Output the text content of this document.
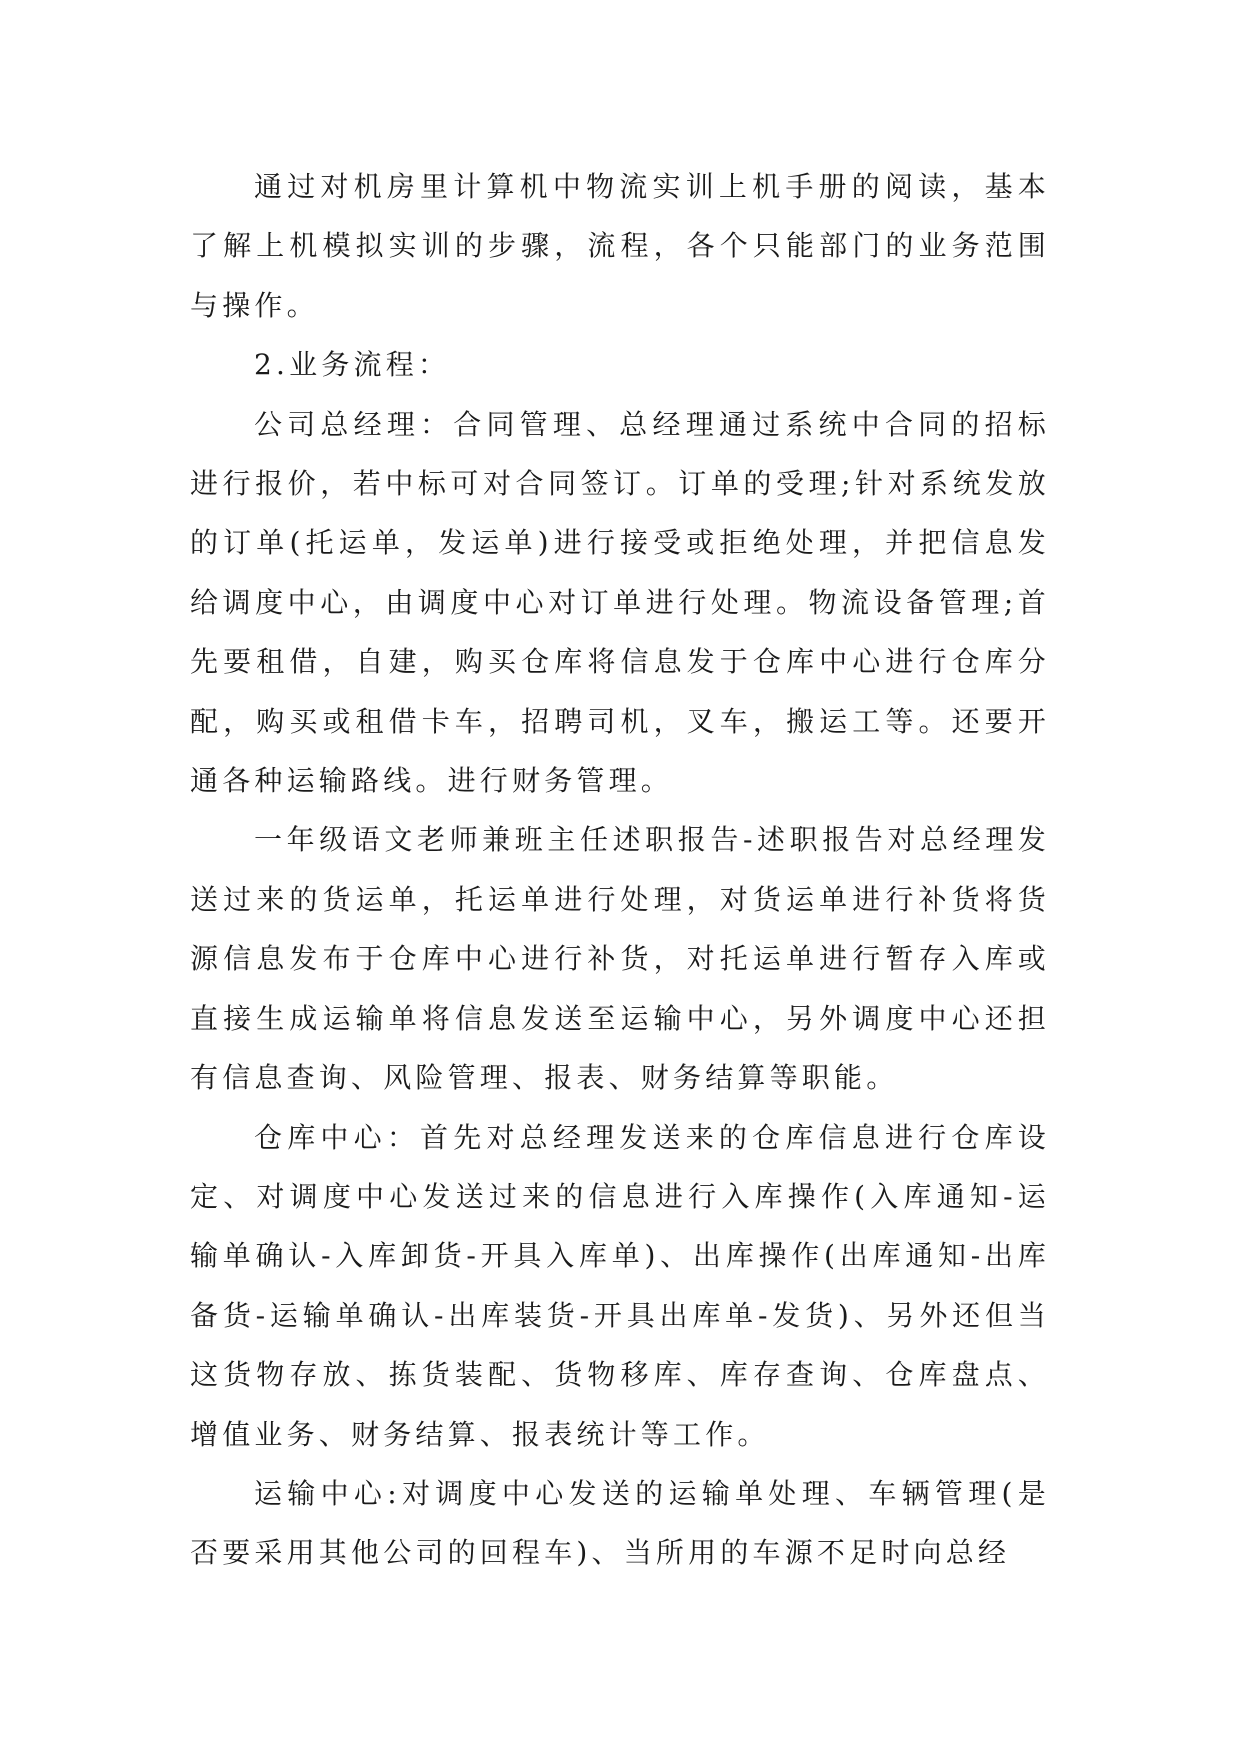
通过对机房里计算机中物流实训上机手册的阅读，基本了解上机模拟实训的步骤，流程，各个只能部门的业务范围与操作。

2.业务流程：

公司总经理：合同管理、总经理通过系统中合同的招标进行报价，若中标可对合同签订。订单的受理;针对系统发放的订单(托运单，发运单)进行接受或拒绝处理，并把信息发给调度中心，由调度中心对订单进行处理。物流设备管理;首先要租借，自建，购买仓库将信息发于仓库中心进行仓库分配，购买或租借卡车，招聘司机，叉车，搬运工等。还要开通各种运输路线。进行财务管理。

一年级语文老师兼班主任述职报告-述职报告对总经理发送过来的货运单，托运单进行处理，对货运单进行补货将货源信息发布于仓库中心进行补货，对托运单进行暂存入库或直接生成运输单将信息发送至运输中心，另外调度中心还担有信息查询、风险管理、报表、财务结算等职能。

仓库中心：首先对总经理发送来的仓库信息进行仓库设定、对调度中心发送过来的信息进行入库操作(入库通知-运输单确认-入库卸货-开具入库单)、出库操作(出库通知-出库备货-运输单确认-出库装货-开具出库单-发货)、另外还但当这货物存放、拣货装配、货物移库、库存查询、仓库盘点、增值业务、财务结算、报表统计等工作。

运输中心:对调度中心发送的运输单处理、车辆管理(是否要采用其他公司的回程车)、当所用的车源不足时向总经
